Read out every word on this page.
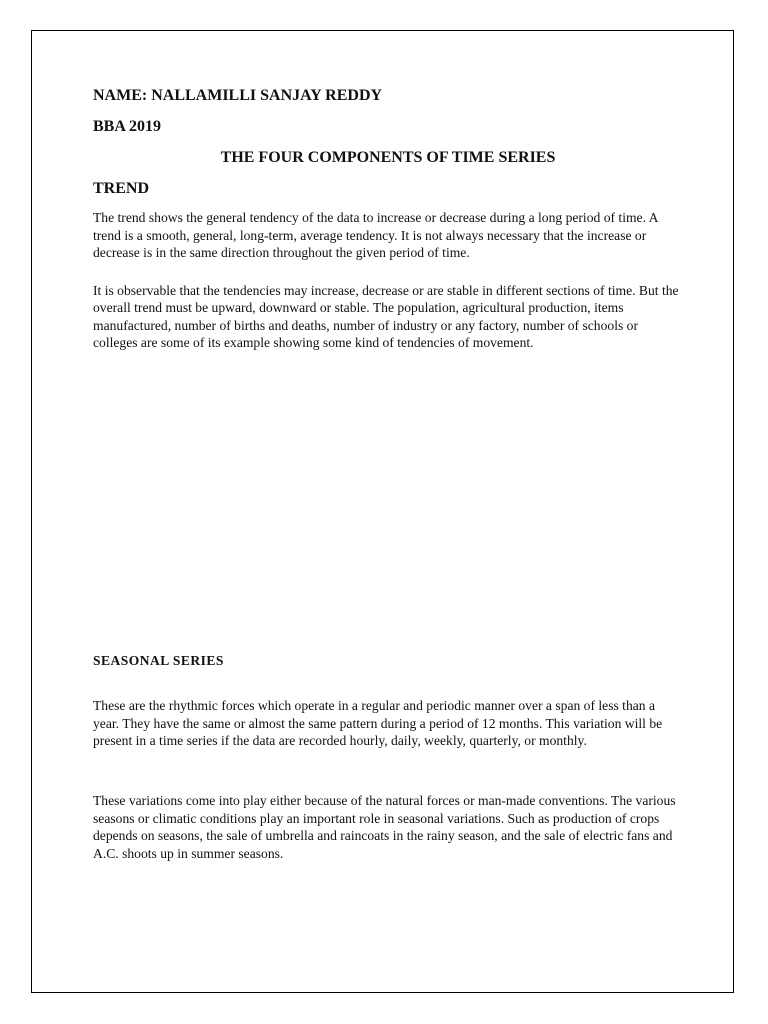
NAME: NALLAMILLI SANJAY REDDY
BBA 2019
THE FOUR COMPONENTS OF TIME SERIES
TREND

The trend shows the general tendency of the data to increase or decrease during a long period of time. A trend is a smooth, general, long-term, average tendency. It is not always necessary that the increase or decrease is in the same direction throughout the given period of time.

It is observable that the tendencies may increase, decrease or are stable in different sections of time. But the overall trend must be upward, downward or stable. The population, agricultural production, items manufactured, number of births and deaths, number of industry or any factory, number of schools or colleges are some of its example showing some kind of tendencies of movement.

SEASONAL SERIES

These are the rhythmic forces which operate in a regular and periodic manner over a span of less than a year. They have the same or almost the same pattern during a period of 12 months. This variation will be present in a time series if the data are recorded hourly, daily, weekly, quarterly, or monthly.

These variations come into play either because of the natural forces or man-made conventions. The various seasons or climatic conditions play an important role in seasonal variations. Such as production of crops depends on seasons, the sale of umbrella and raincoats in the rainy season, and the sale of electric fans and A.C. shoots up in summer seasons.
